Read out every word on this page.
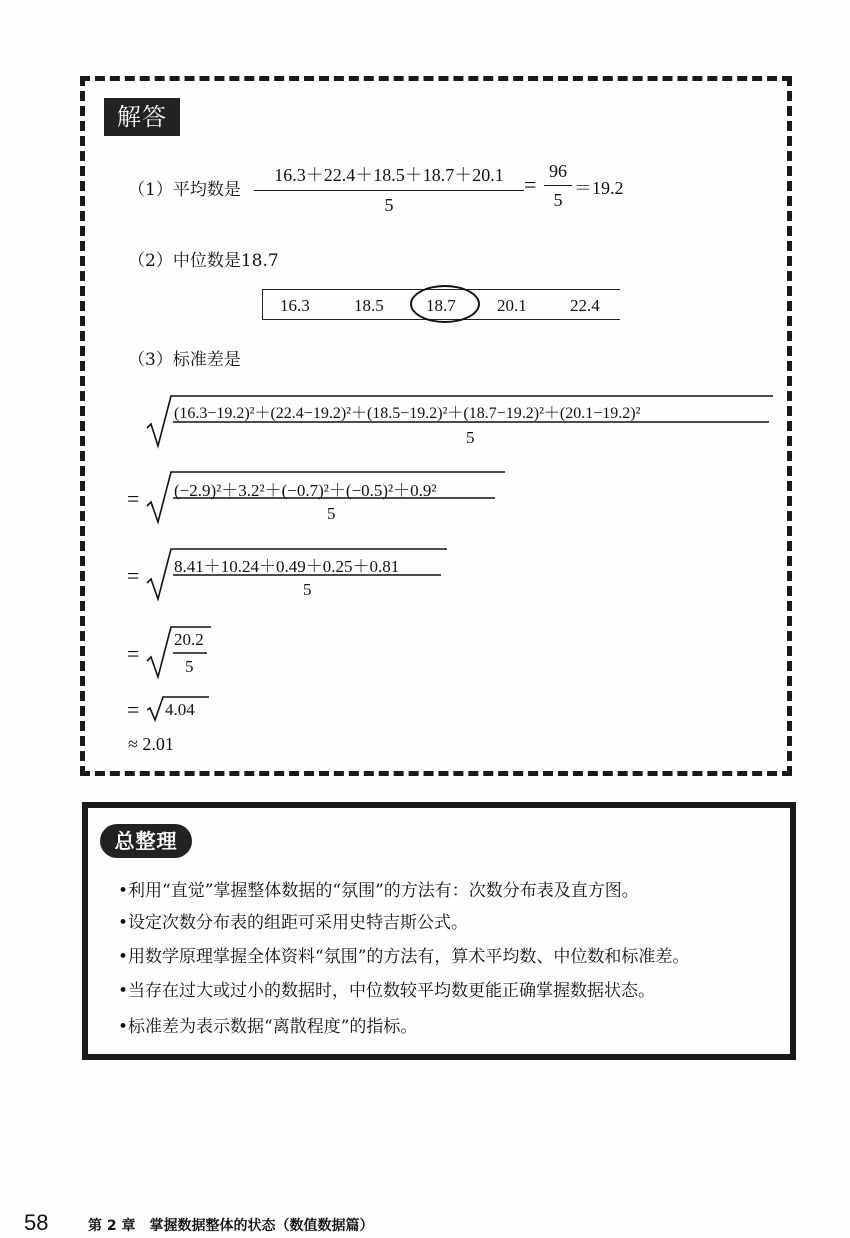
解答
（1）平均数是 $\frac{16.3+22.4+18.5+18.7+20.1}{5} = \frac{96}{5} =19.2$
（2）中位数是18.7
16.3	18.5 18.7 20.1	22.4
（3）标准差是
(16.3−19.2)²＋(22.4−19.2)²＋(18.5−19.2)²＋(18.7−19.2)²＋(20.1−19.2)²
5
= (−2.9)²＋3.2²＋(−0.7)²＋(−0.5)²＋0.9²
5
= 8.41＋10.24＋0.49＋0.25＋0.81
5
=
20.2
5
= 4.04
≈ 2.01
总整理
•利用“直觉”掌握整体数据的“氛围”的方法有：次数分布表及直方图。
•设定次数分布表的组距可采用史特吉斯公式。
•用数学原理掌握全体资料“氛围”的方法有，算术平均数、中位数和标准差。
•当存在过大或过小的数据时，中位数较平均数更能正确掌握数据状态。
•标准差为表示数据“离散程度”的指标。
58	第 2 章　掌握数据整体的状态（数值数据篇）
